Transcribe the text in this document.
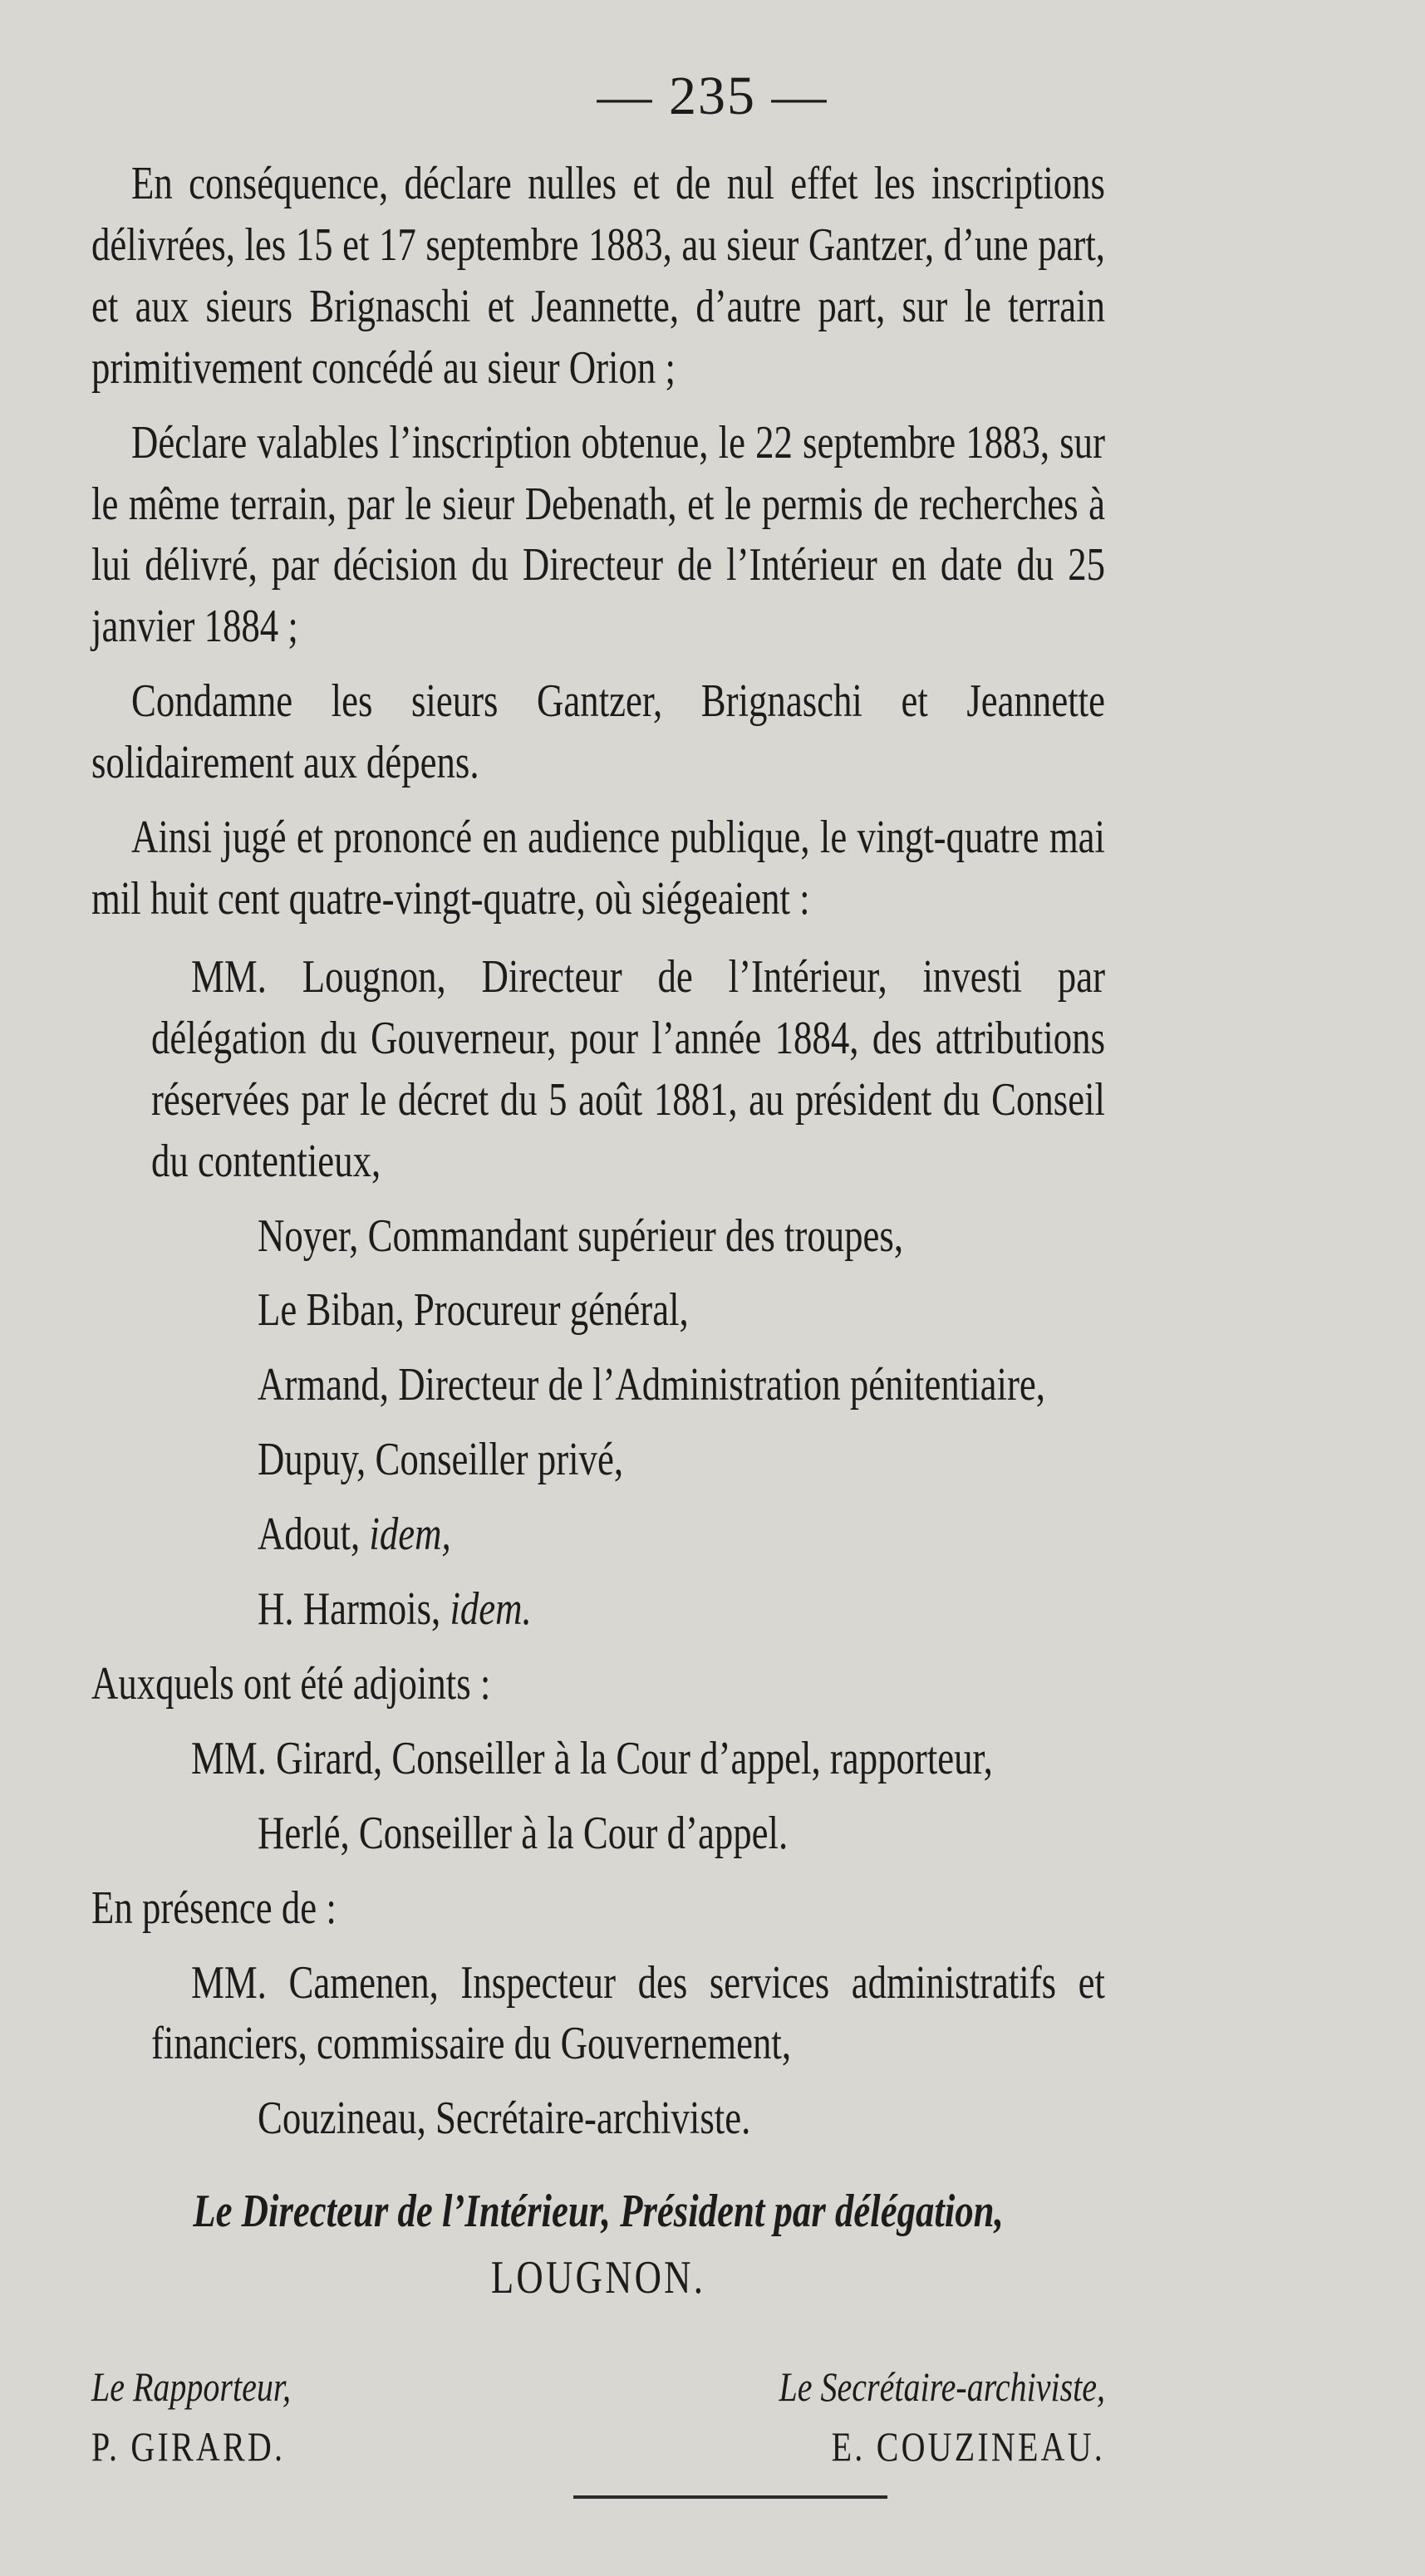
— 235 —

En conséquence, déclare nulles et de nul effet les inscriptions délivrées, les 15 et 17 septembre 1883, au sieur Gantzer, d’une part, et aux sieurs Brignaschi et Jeannette, d’autre part, sur le terrain primitivement concédé au sieur Orion ;

Déclare valables l’inscription obtenue, le 22 septembre 1883, sur le même terrain, par le sieur Debenath, et le permis de recherches à lui délivré, par décision du Directeur de l’Intérieur en date du 25 janvier 1884 ;

Condamne les sieurs Gantzer, Brignaschi et Jeannette solidairement aux dépens.

Ainsi jugé et prononcé en audience publique, le vingt-quatre mai mil huit cent quatre-vingt-quatre, où siégeaient :

MM. Lougnon, Directeur de l’Intérieur, investi par délégation du Gouverneur, pour l’année 1884, des attributions réservées par le décret du 5 août 1881, au président du Conseil du contentieux,

Noyer, Commandant supérieur des troupes,

Le Biban, Procureur général,

Armand, Directeur de l’Administration pénitentiaire,

Dupuy, Conseiller privé,

Adout, idem,

H. Harmois, idem.

Auxquels ont été adjoints :

MM. Girard, Conseiller à la Cour d’appel, rapporteur,

Herlé, Conseiller à la Cour d’appel.

En présence de :

MM. Camenen, Inspecteur des services administratifs et financiers, commissaire du Gouvernement,

Couzineau, Secrétaire-archiviste.

Le Directeur de l’Intérieur, Président par délégation,
LOUGNON.
Le Rapporteur,
P. GIRARD.
Le Secrétaire-archiviste,
E. COUZINEAU.
